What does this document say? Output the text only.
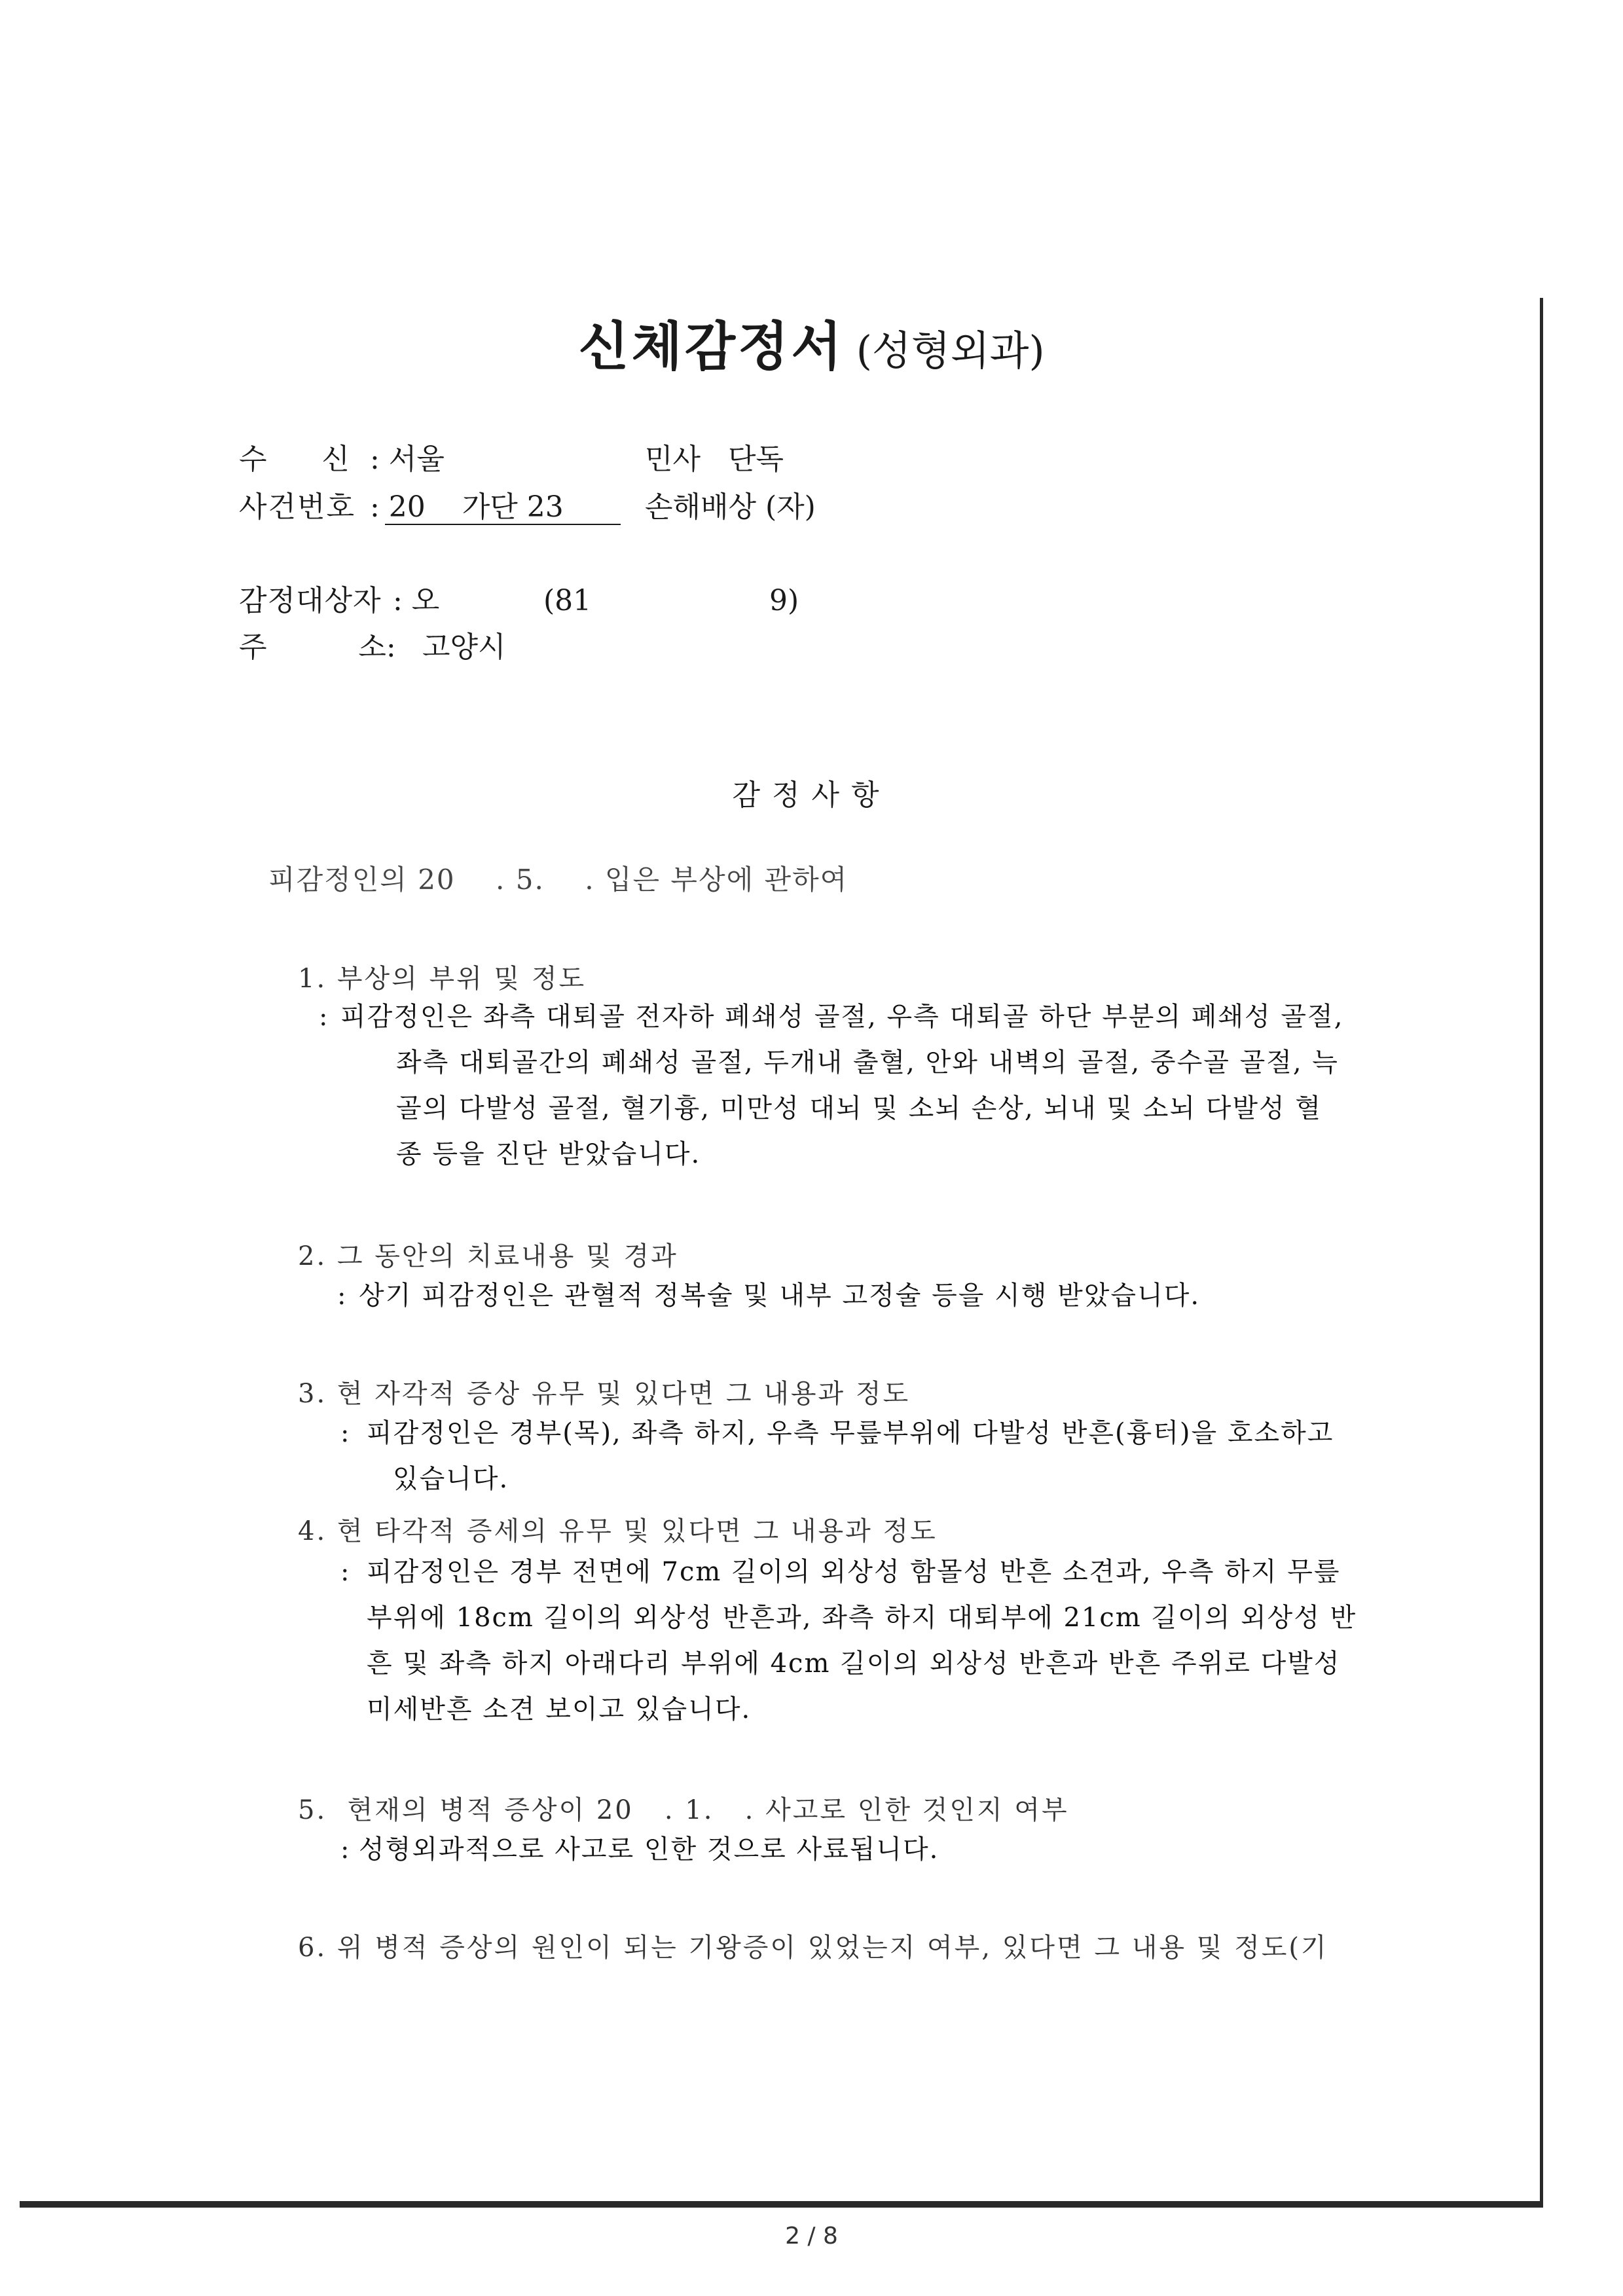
신체감정서 (성형외과)
수      신 : 서울	민사   단독
사건번호 : 20    가단 23	손해배상 (자)
감정대상자 : 오	(81	9)
주          소: 고양시
감정사항
피감정인의 20    . 5.    . 입은 부상에 관하여
1. 부상의 부위 및 정도
: 피감정인은 좌측 대퇴골 전자하 폐쇄성 골절, 우측 대퇴골 하단 부분의 폐쇄성 골절,
좌측 대퇴골간의 폐쇄성 골절, 두개내 출혈, 안와 내벽의 골절, 중수골 골절, 늑
골의 다발성 골절, 혈기흉, 미만성 대뇌 및 소뇌 손상, 뇌내 및 소뇌 다발성 혈
종 등을 진단 받았습니다.
2. 그 동안의 치료내용 및 경과
: 상기 피감정인은 관혈적 정복술 및 내부 고정술 등을 시행 받았습니다.
3. 현 자각적 증상 유무 및 있다면 그 내용과 정도
: 피감정인은 경부(목), 좌측 하지, 우측 무릎부위에 다발성 반흔(흉터)을 호소하고
있습니다.
4. 현 타각적 증세의 유무 및 있다면 그 내용과 정도
: 피감정인은 경부 전면에 7cm 길이의 외상성 함몰성 반흔 소견과, 우측 하지 무릎
부위에 18cm 길이의 외상성 반흔과, 좌측 하지 대퇴부에 21cm 길이의 외상성 반
흔 및 좌측 하지 아래다리 부위에 4cm 길이의 외상성 반흔과 반흔 주위로 다발성
미세반흔 소견 보이고 있습니다.
5.  현재의 병적 증상이 20   . 1.   . 사고로 인한 것인지 여부
: 성형외과적으로 사고로 인한 것으로 사료됩니다.
6. 위 병적 증상의 원인이 되는 기왕증이 있었는지 여부, 있다면 그 내용 및 정도(기
2 / 8
